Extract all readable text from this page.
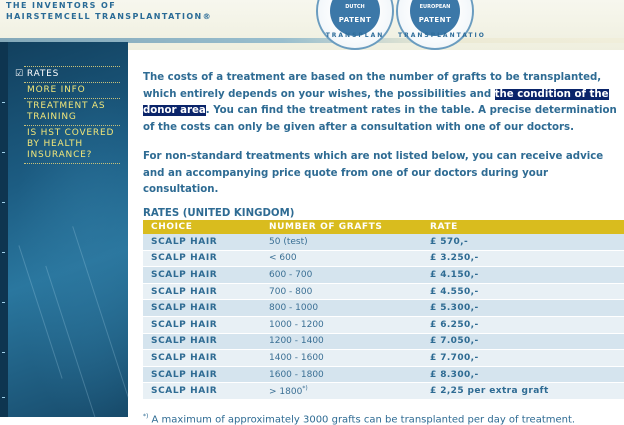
THE INVENTORS OF
HAIRSTEMCELL TRANSPLANTATION®
DUTCH
PATENT
TRANSPLAN
EUROPEAN
PATENT
TRANSPLANTATIO
☑ RATES
MORE INFO
TREATMENT AS TRAINING
IS HST COVERED BY HEALTH INSURANCE?

The costs of a treatment are based on the number of grafts to be transplanted, which entirely depends on your wishes, the possibilities and the condition of the donor area. You can find the treatment rates in the table. A precise determination of the costs can only be given after a consultation with one of our doctors.

For non-standard treatments which are not listed below, you can receive advice and an accompanying price quote from one of our doctors during your consultation.

RATES (UNITED KINGDOM)
CHOICE	NUMBER OF GRAFTS	RATE
SCALP HAIR	50 (test)	£ 570,-
SCALP HAIR	< 600	£ 3.250,-
SCALP HAIR	600 - 700	£ 4.150,-
SCALP HAIR	700 - 800	£ 4.550,-
SCALP HAIR	800 - 1000	£ 5.300,-
SCALP HAIR	1000 - 1200	£ 6.250,-
SCALP HAIR	1200 - 1400	£ 7.050,-
SCALP HAIR	1400 - 1600	£ 7.700,-
SCALP HAIR	1600 - 1800	£ 8.300,-
SCALP HAIR	> 1800*)	£ 2,25 per extra graft

*) A maximum of approximately 3000 grafts can be transplanted per day of treatment.
